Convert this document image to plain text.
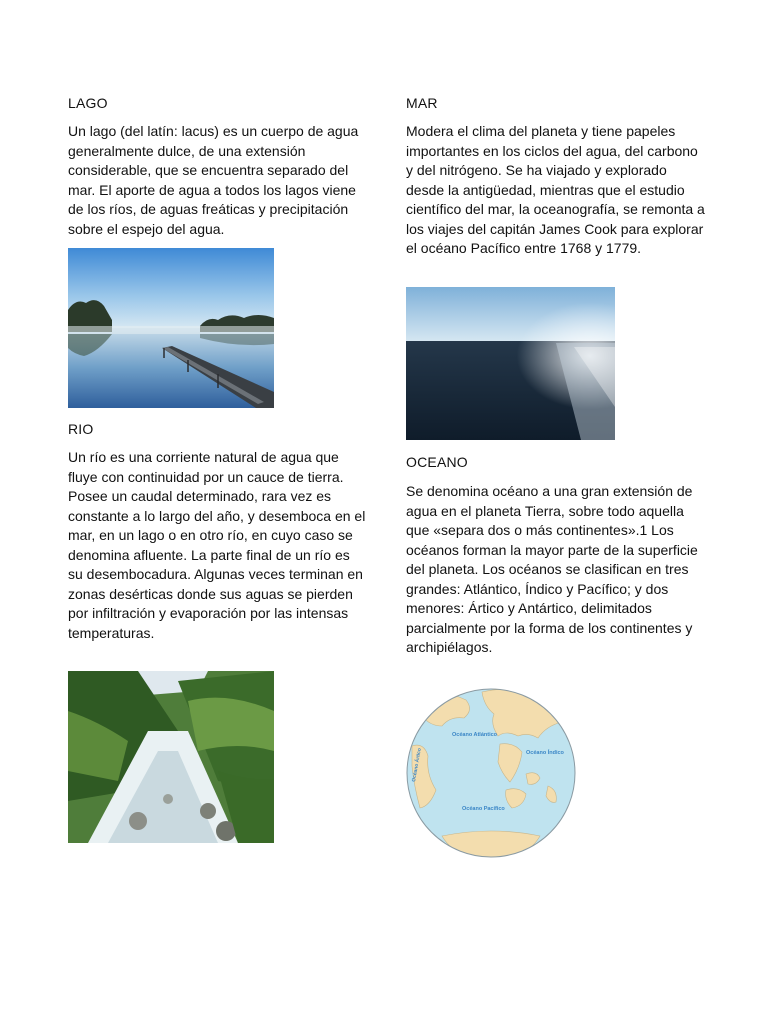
LAGO
Un lago (del latín: lacus) es un cuerpo de agua generalmente dulce, de una extensión considerable, que se encuentra separado del mar. El aporte de agua a todos los lagos viene de los ríos, de aguas freáticas y precipitación sobre el espejo del agua.
RIO
Un río es una corriente natural de agua que fluye con continuidad por un cauce de tierra. Posee un caudal determinado, rara vez es constante a lo largo del año, y desemboca en el mar, en un lago o en otro río, en cuyo caso se denomina afluente. La parte final de un río es su desembocadura. Algunas veces terminan en zonas desérticas donde sus aguas se pierden por infiltración y evaporación por las intensas temperaturas.
MAR
Modera el clima del planeta y tiene papeles importantes en los ciclos del agua, del carbono y del nitrógeno. Se ha viajado y explorado desde la antigüedad, mientras que el estudio científico del mar, la oceanografía, se remonta a los viajes del capitán James Cook para explorar el océano Pacífico entre 1768 y 1779.
OCEANO
Se denomina océano a una gran extensión de agua en el planeta Tierra, sobre todo aquella que «separa dos o más continentes».1 Los océanos forman la mayor parte de la superficie del planeta. Los océanos se clasifican en tres grandes: Atlántico, Índico y Pacífico; y dos menores: Ártico y Antártico, delimitados parcialmente por la forma de los continentes y archipiélagos.
Océano Atlántico
Océano Índico
Océano Pacífico
Océano Ártico
